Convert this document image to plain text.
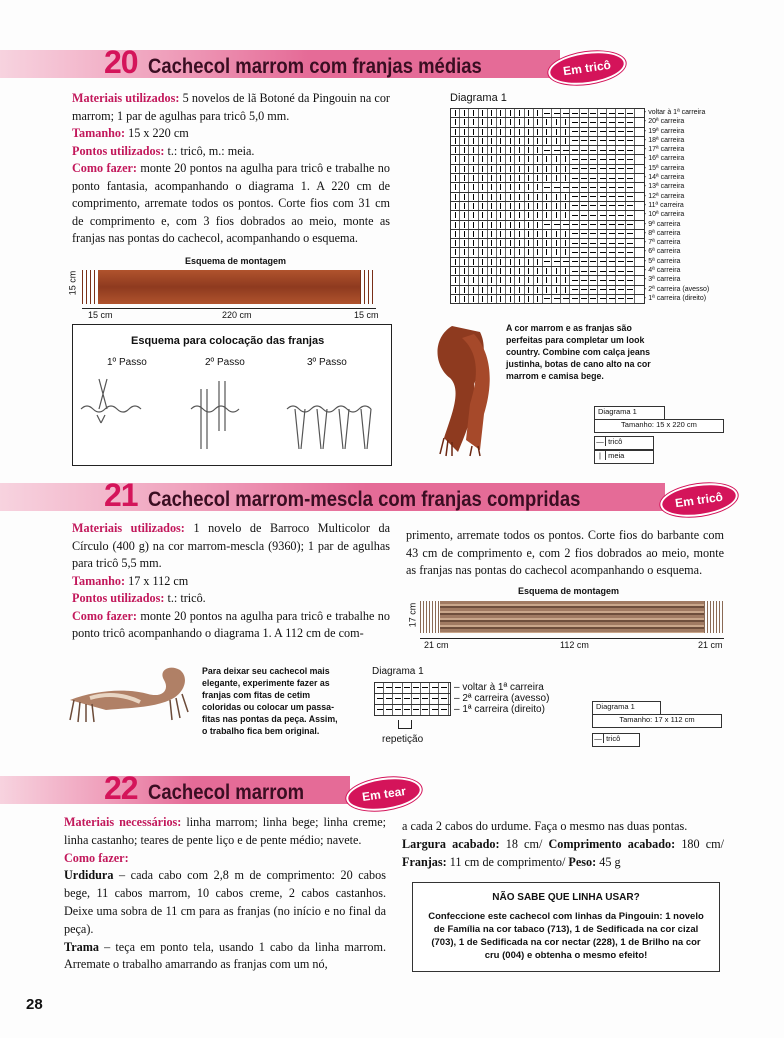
20 Cachecol marrom com franjas médias	Em tricô
Materiais utilizados: 5 novelos de lã Botoné da Pingouin na cor marrom; 1 par de agulhas para tricô 5,0 mm.
Tamanho: 15 x 220 cm
Pontos utilizados: t.: tricô, m.: meia.
Como fazer: monte 20 pontos na agulha para tricô e trabalhe no ponto fantasia, acompanhando o diagrama 1. A 220 cm de comprimento, arremate todos os pontos. Corte fios com 31 cm de comprimento e, com 3 fios dobrados ao meio, monte as franjas nas pontas do cachecol, acompanhando o esquema.
Esquema de montagem
15 cm
15 cm	220 cm	15 cm
Esquema para colocação das franjas
1º Passo	2º Passo	3º Passo
Diagrama 1
- voltar à 1ª carreira
- 20ª carreira
- 19ª carreira
- 18ª carreira
- 17ª carreira
- 16ª carreira
- 15ª carreira
- 14ª carreira
- 13ª carreira
- 12ª carreira
- 11ª carreira
- 10ª carreira
- 9ª carreira
- 8ª carreira
- 7ª carreira
- 6ª carreira
- 5ª carreira
- 4ª carreira
- 3ª carreira
- 2ª carreira (avesso)
- 1ª carreira (direito)
A cor marrom e as franjas são perfeitas para completar um look country. Combine com calça jeans justinha, botas de cano alto na cor marrom e camisa bege.
Diagrama 1
Tamanho: 15 x 220 cm
— tricô
| meia
21 Cachecol marrom-mescla com franjas compridas	Em tricô
Materiais utilizados: 1 novelo de Barroco Multicolor da Círculo (400 g) na cor marrom-mescla (9360); 1 par de agulhas para tricô 5,5 mm.
Tamanho: 17 x 112 cm
Pontos utilizados: t.: tricô.
Como fazer: monte 20 pontos na agulha para tricô e trabalhe no ponto tricô acompanhando o diagrama 1. A 112 cm de com-
primento, arremate todos os pontos. Corte fios do barbante com 43 cm de comprimento e, com 2 fios dobrados ao meio, monte as franjas nas pontas do cachecol acompanhando o esquema.
Esquema de montagem
17 cm
21 cm	112 cm	21 cm
Para deixar seu cachecol mais elegante, experimente fazer as franjas com fitas de cetim coloridas ou colocar um passa-fitas nas pontas da peça. Assim, o trabalho fica bem original.
Diagrama 1
– voltar à 1ª carreira
– 2ª carreira (avesso)
– 1ª carreira (direito)
repetição
Diagrama 1
Tamanho: 17 x 112 cm
— tricô
22 Cachecol marrom	Em tear
Materiais necessários: linha marrom; linha bege; linha creme; linha castanho; teares de pente liço e de pente médio; navete.
Como fazer:
Urdidura – cada cabo com 2,8 m de comprimento: 20 cabos bege, 11 cabos marrom, 10 cabos creme, 2 cabos castanhos. Deixe uma sobra de 11 cm para as franjas (no início e no final da peça).
Trama – teça em ponto tela, usando 1 cabo da linha marrom. Arremate o trabalho amarrando as franjas com um nó,
a cada 2 cabos do urdume. Faça o mesmo nas duas pontas.
Largura acabado: 18 cm/ Comprimento acabado: 180 cm/ Franjas: 11 cm de comprimento/ Peso: 45 g
NÃO SABE QUE LINHA USAR?
Confeccione este cachecol com linhas da Pingouin: 1 novelo de Família na cor tabaco (713), 1 de Sedificada na cor cizal (703), 1 de Sedificada na cor nectar (228), 1 de Brilho na cor cru (004) e obtenha o mesmo efeito!
28
